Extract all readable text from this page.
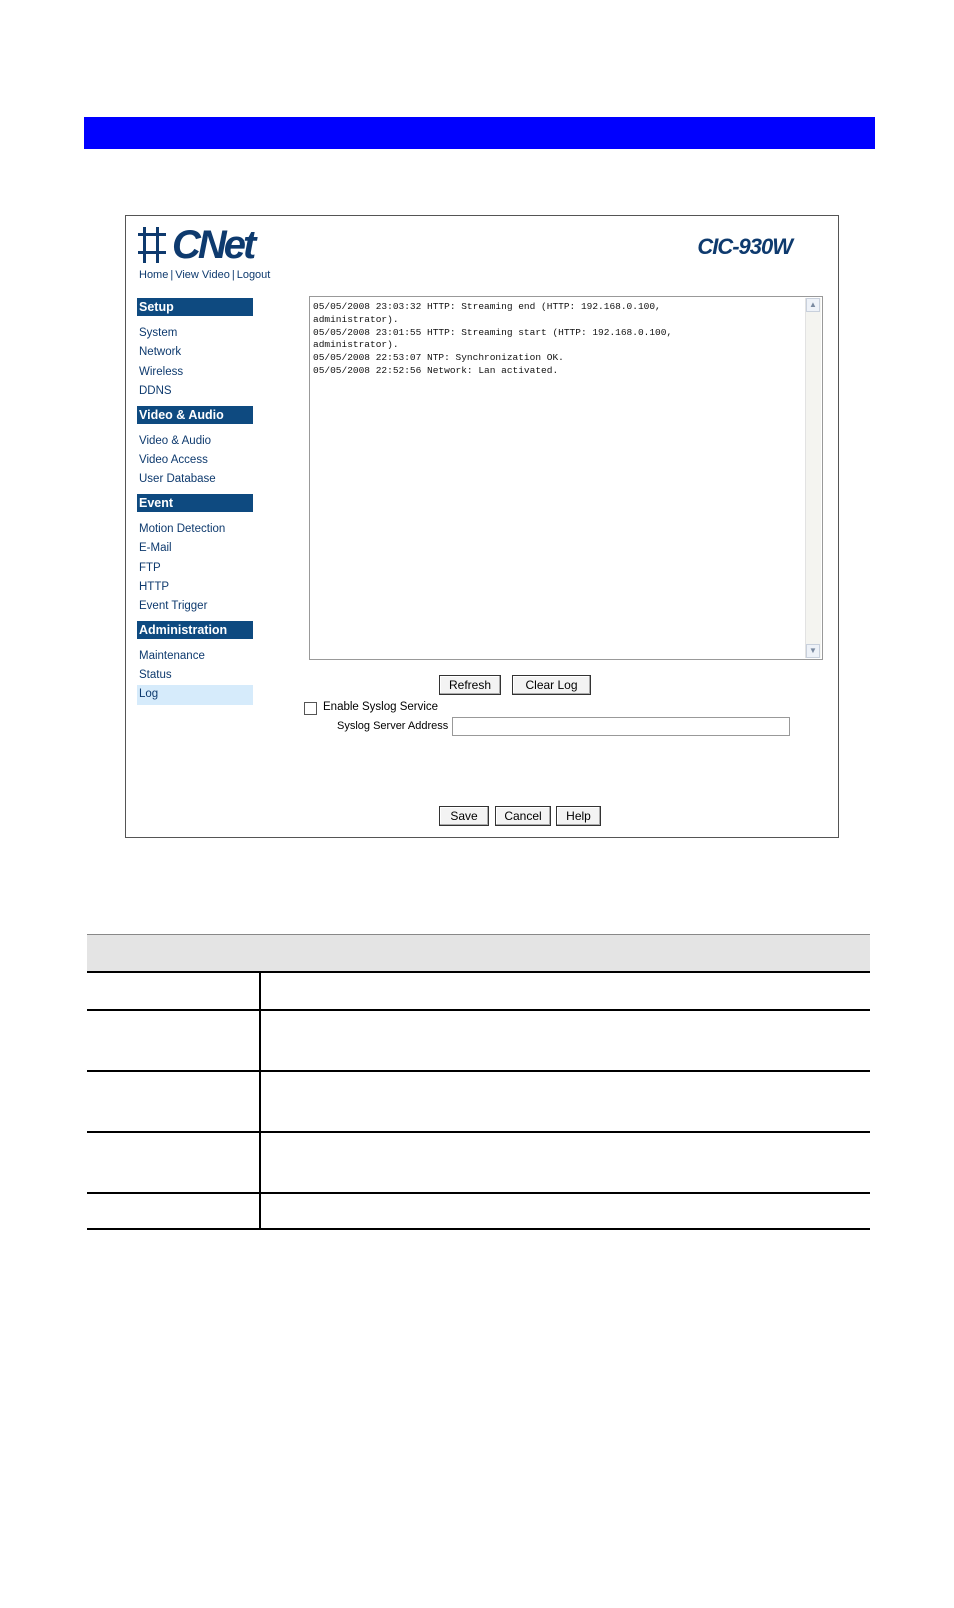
CNet	CIC-930W
Home | View Video | Logout
Setup
System
Network
Wireless
DDNS
Video & Audio
Video & Audio
Video Access
User Database
Event
Motion Detection
E-Mail
FTP
HTTP
Event Trigger
Administration
Maintenance
Status
Log
05/05/2008 23:03:32 HTTP: Streaming end (HTTP: 192.168.0.100,
administrator).
05/05/2008 23:01:55 HTTP: Streaming start (HTTP: 192.168.0.100,
administrator).
05/05/2008 22:53:07 NTP: Synchronization OK.
05/05/2008 22:52:56 Network: Lan activated.
▲
▼
Refresh	Clear Log
Enable Syslog Service
Syslog Server Address
Save	Cancel	Help
